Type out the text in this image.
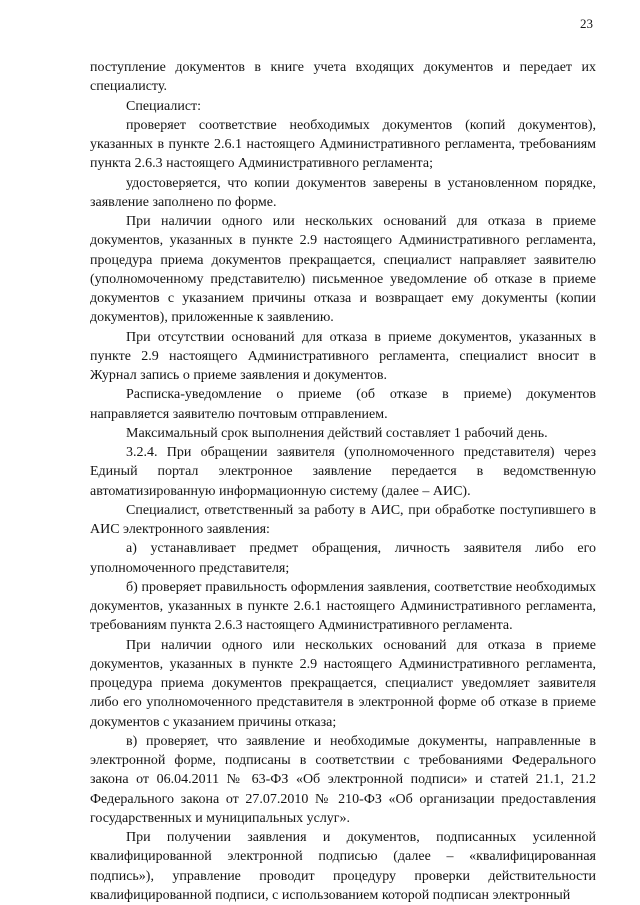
23

поступление документов в книге учета входящих документов и передает их специалисту.

Специалист:

проверяет соответствие необходимых документов (копий документов), указанных в пункте 2.6.1 настоящего Административного регламента, требованиям пункта 2.6.3 настоящего Административного регламента;

удостоверяется, что копии документов заверены в установленном порядке, заявление заполнено по форме.

При наличии одного или нескольких оснований для отказа в приеме документов, указанных в пункте 2.9 настоящего Административного регламента, процедура приема документов прекращается, специалист направляет заявителю (уполномоченному представителю) письменное уведомление об отказе в приеме документов с указанием причины отказа и возвращает ему документы (копии документов), приложенные к заявлению.

При отсутствии оснований для отказа в приеме документов, указанных в пункте 2.9 настоящего Административного регламента, специалист вносит в Журнал запись о приеме заявления и документов.

Расписка-уведомление о приеме (об отказе в приеме) документов направляется заявителю почтовым отправлением.

Максимальный срок выполнения действий составляет 1 рабочий день.

3.2.4. При обращении заявителя (уполномоченного представителя) через Единый портал электронное заявление передается в ведомственную автоматизированную информационную систему (далее – АИС).

Специалист, ответственный за работу в АИС, при обработке поступившего в АИС электронного заявления:

а) устанавливает предмет обращения, личность заявителя либо его уполномоченного представителя;

б) проверяет правильность оформления заявления, соответствие необходимых документов, указанных в пункте 2.6.1 настоящего Административного регламента, требованиям пункта 2.6.3 настоящего Административного регламента.

При наличии одного или нескольких оснований для отказа в приеме документов, указанных в пункте 2.9 настоящего Административного регламента, процедура приема документов прекращается, специалист уведомляет заявителя либо его уполномоченного представителя в электронной форме об отказе в приеме документов с указанием причины отказа;

в) проверяет, что заявление и необходимые документы, направленные в электронной форме, подписаны в соответствии с требованиями Федерального закона от 06.04.2011 № 63-ФЗ «Об электронной подписи» и статей 21.1, 21.2 Федерального закона от 27.07.2010 № 210-ФЗ «Об организации предоставления государственных и муниципальных услуг».

При получении заявления и документов, подписанных усиленной квалифицированной электронной подписью (далее – «квалифицированная подпись»), управление проводит процедуру проверки действительности квалифицированной подписи, с использованием которой подписан электронный
